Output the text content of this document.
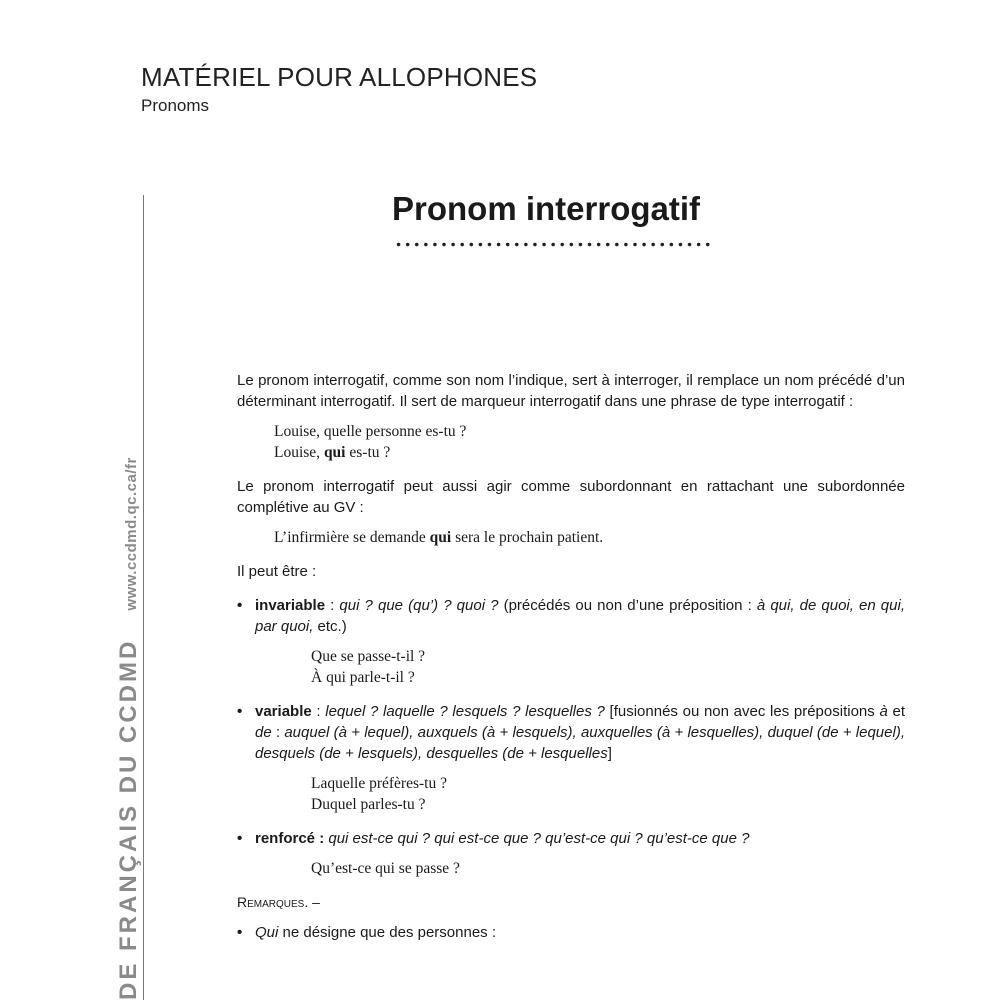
MATÉRIEL POUR ALLOPHONES
Pronoms
DE FRANÇAIS DU CCDMDwww.ccdmd.qc.ca/fr
Pronom interrogatif

Le pronom interrogatif, comme son nom l’indique, sert à interroger, il remplace un nom précédé d’un déterminant interrogatif. Il sert de marqueur interrogatif dans une phrase de type interrogatif :

Louise, quelle personne es-tu ?

Louise, qui es-tu ?

Le pronom interrogatif peut aussi agir comme subordonnant en rattachant une subordonnée complétive au GV :

L’infirmière se demande qui sera le prochain patient.

Il peut être :

• invariable : qui ? que (qu’) ? quoi ? (précédés ou non d’une préposition : à qui, de quoi, en qui, par quoi, etc.)

Que se passe-t-il ?

À qui parle-t-il ?

• variable : lequel ? laquelle ? lesquels ? lesquelles ? [fusionnés ou non avec les prépositions à et de : auquel (à + lequel), auxquels (à + lesquels), auxquelles (à + lesquelles), duquel (de + lequel), desquels (de + lesquels), desquelles (de + lesquelles]

Laquelle préfères-tu ?

Duquel parles-tu ?

• renforcé : qui est-ce qui ? qui est-ce que ? qu’est-ce qui ? qu’est-ce que ?

Qu’est-ce qui se passe ?

Remarques. –

• Qui ne désigne que des personnes :
